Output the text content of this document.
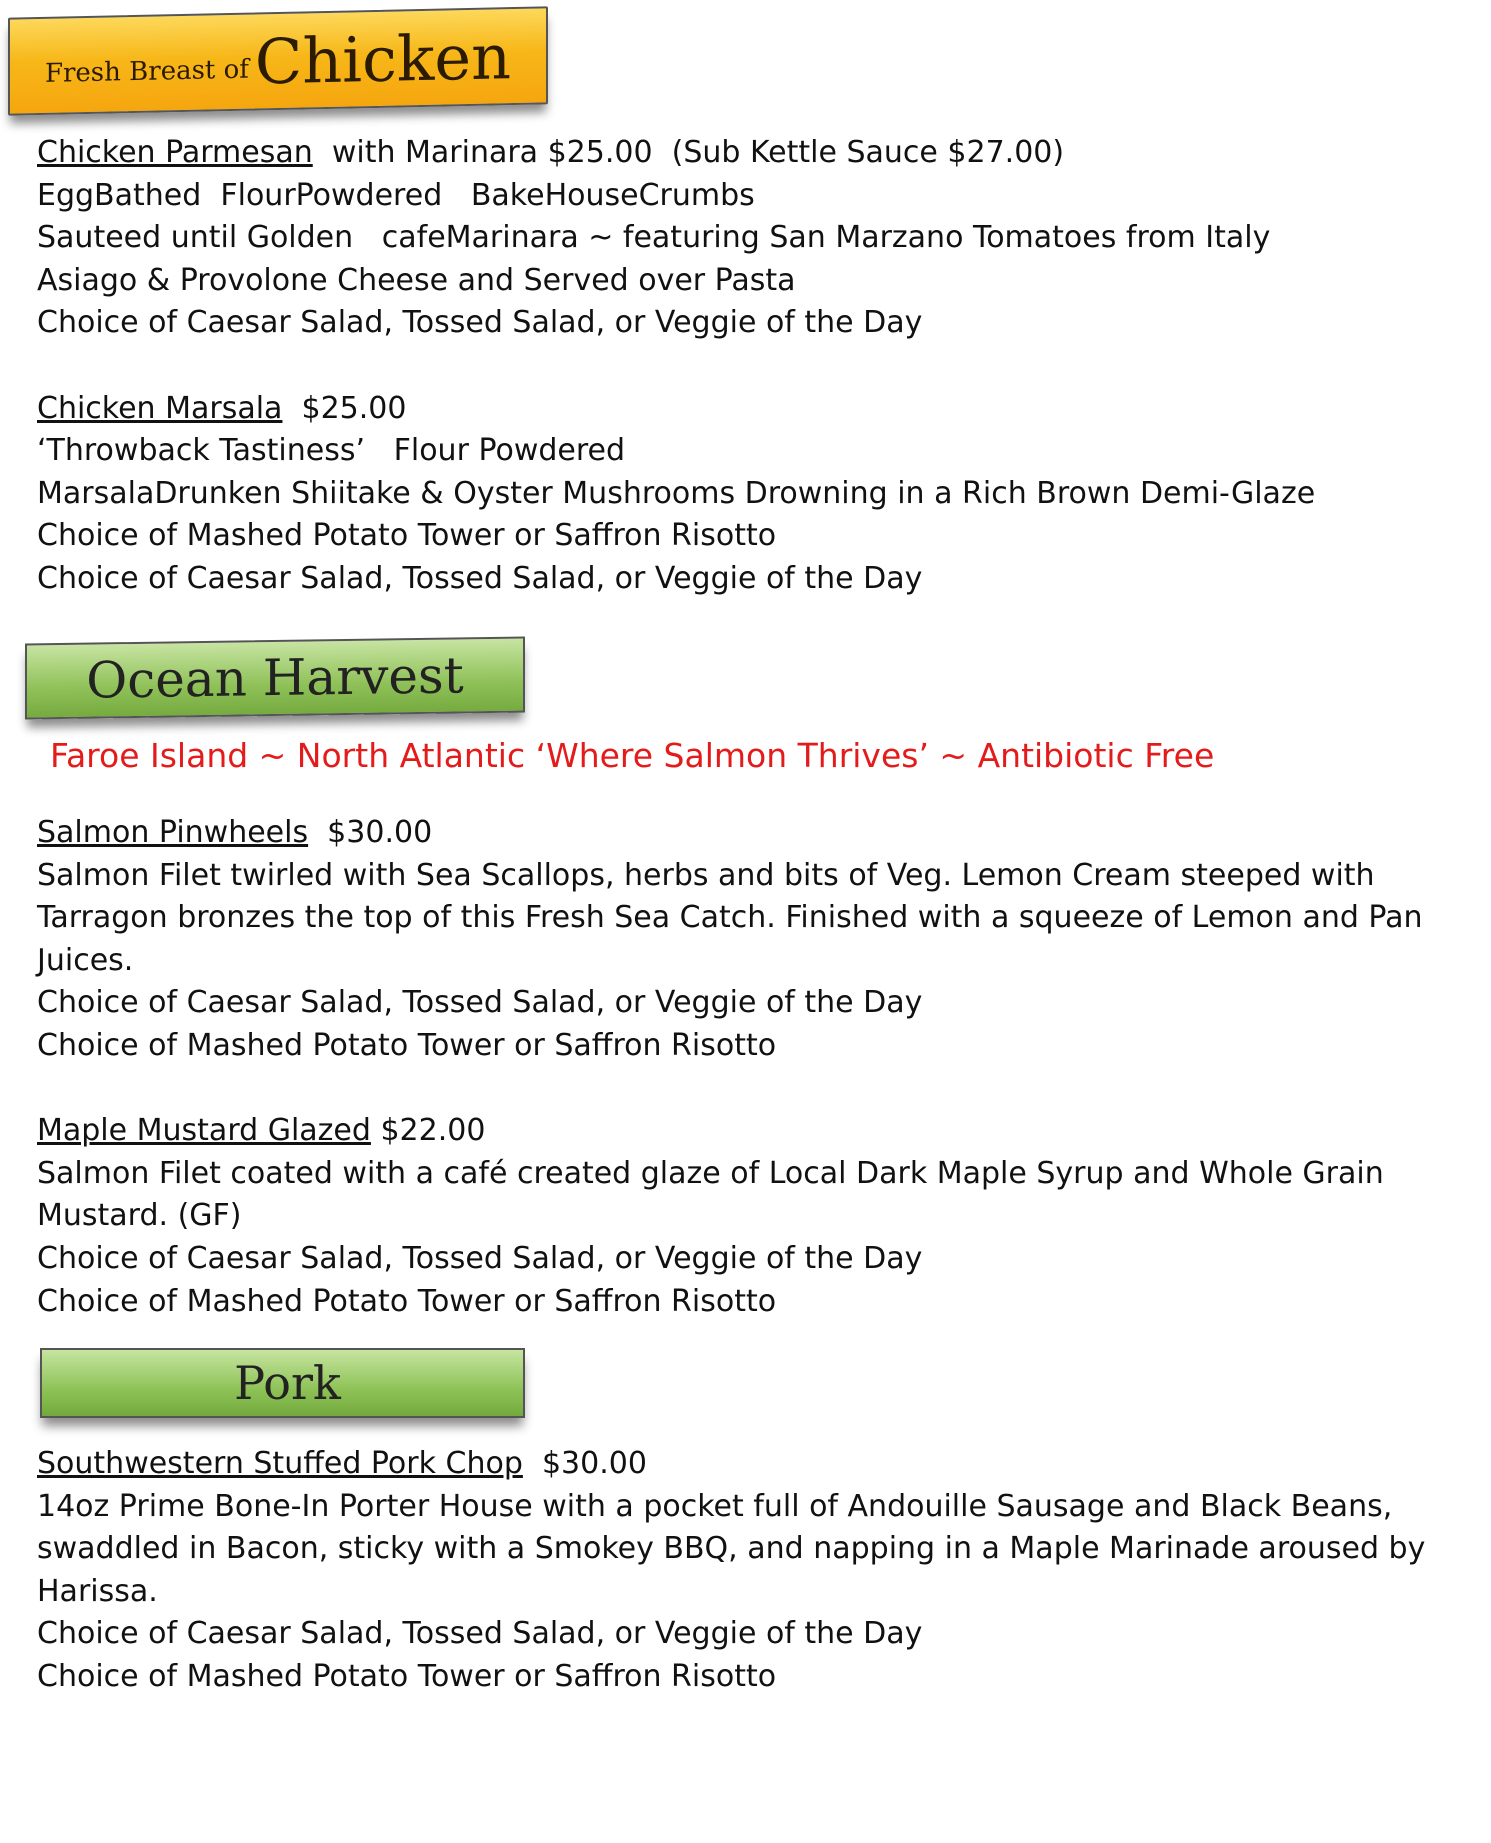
Fresh Breast of Chicken
Chicken Parmesan  with Marinara $25.00  (Sub Kettle Sauce $27.00)
EggBathed  FlourPowdered   BakeHouseCrumbs
Sauteed until Golden   cafeMarinara ~ featuring San Marzano Tomatoes from Italy
Asiago & Provolone Cheese and Served over Pasta
Choice of Caesar Salad, Tossed Salad, or Veggie of the Day
Chicken Marsala  $25.00
‘Throwback Tastiness’   Flour Powdered
MarsalaDrunken Shiitake & Oyster Mushrooms Drowning in a Rich Brown Demi-Glaze
Choice of Mashed Potato Tower or Saffron Risotto
Choice of Caesar Salad, Tossed Salad, or Veggie of the Day
Ocean Harvest
Faroe Island ~ North Atlantic ‘Where Salmon Thrives’ ~ Antibiotic Free
Salmon Pinwheels  $30.00
Salmon Filet twirled with Sea Scallops, herbs and bits of Veg. Lemon Cream steeped with Tarragon bronzes the top of this Fresh Sea Catch. Finished with a squeeze of Lemon and Pan Juices.
Choice of Caesar Salad, Tossed Salad, or Veggie of the Day
Choice of Mashed Potato Tower or Saffron Risotto
Maple Mustard Glazed $22.00
Salmon Filet coated with a café created glaze of Local Dark Maple Syrup and Whole Grain Mustard. (GF)
Choice of Caesar Salad, Tossed Salad, or Veggie of the Day
Choice of Mashed Potato Tower or Saffron Risotto
Pork
Southwestern Stuffed Pork Chop  $30.00
14oz Prime Bone-In Porter House with a pocket full of Andouille Sausage and Black Beans, swaddled in Bacon, sticky with a Smokey BBQ, and napping in a Maple Marinade aroused by Harissa.
Choice of Caesar Salad, Tossed Salad, or Veggie of the Day
Choice of Mashed Potato Tower or Saffron Risotto
